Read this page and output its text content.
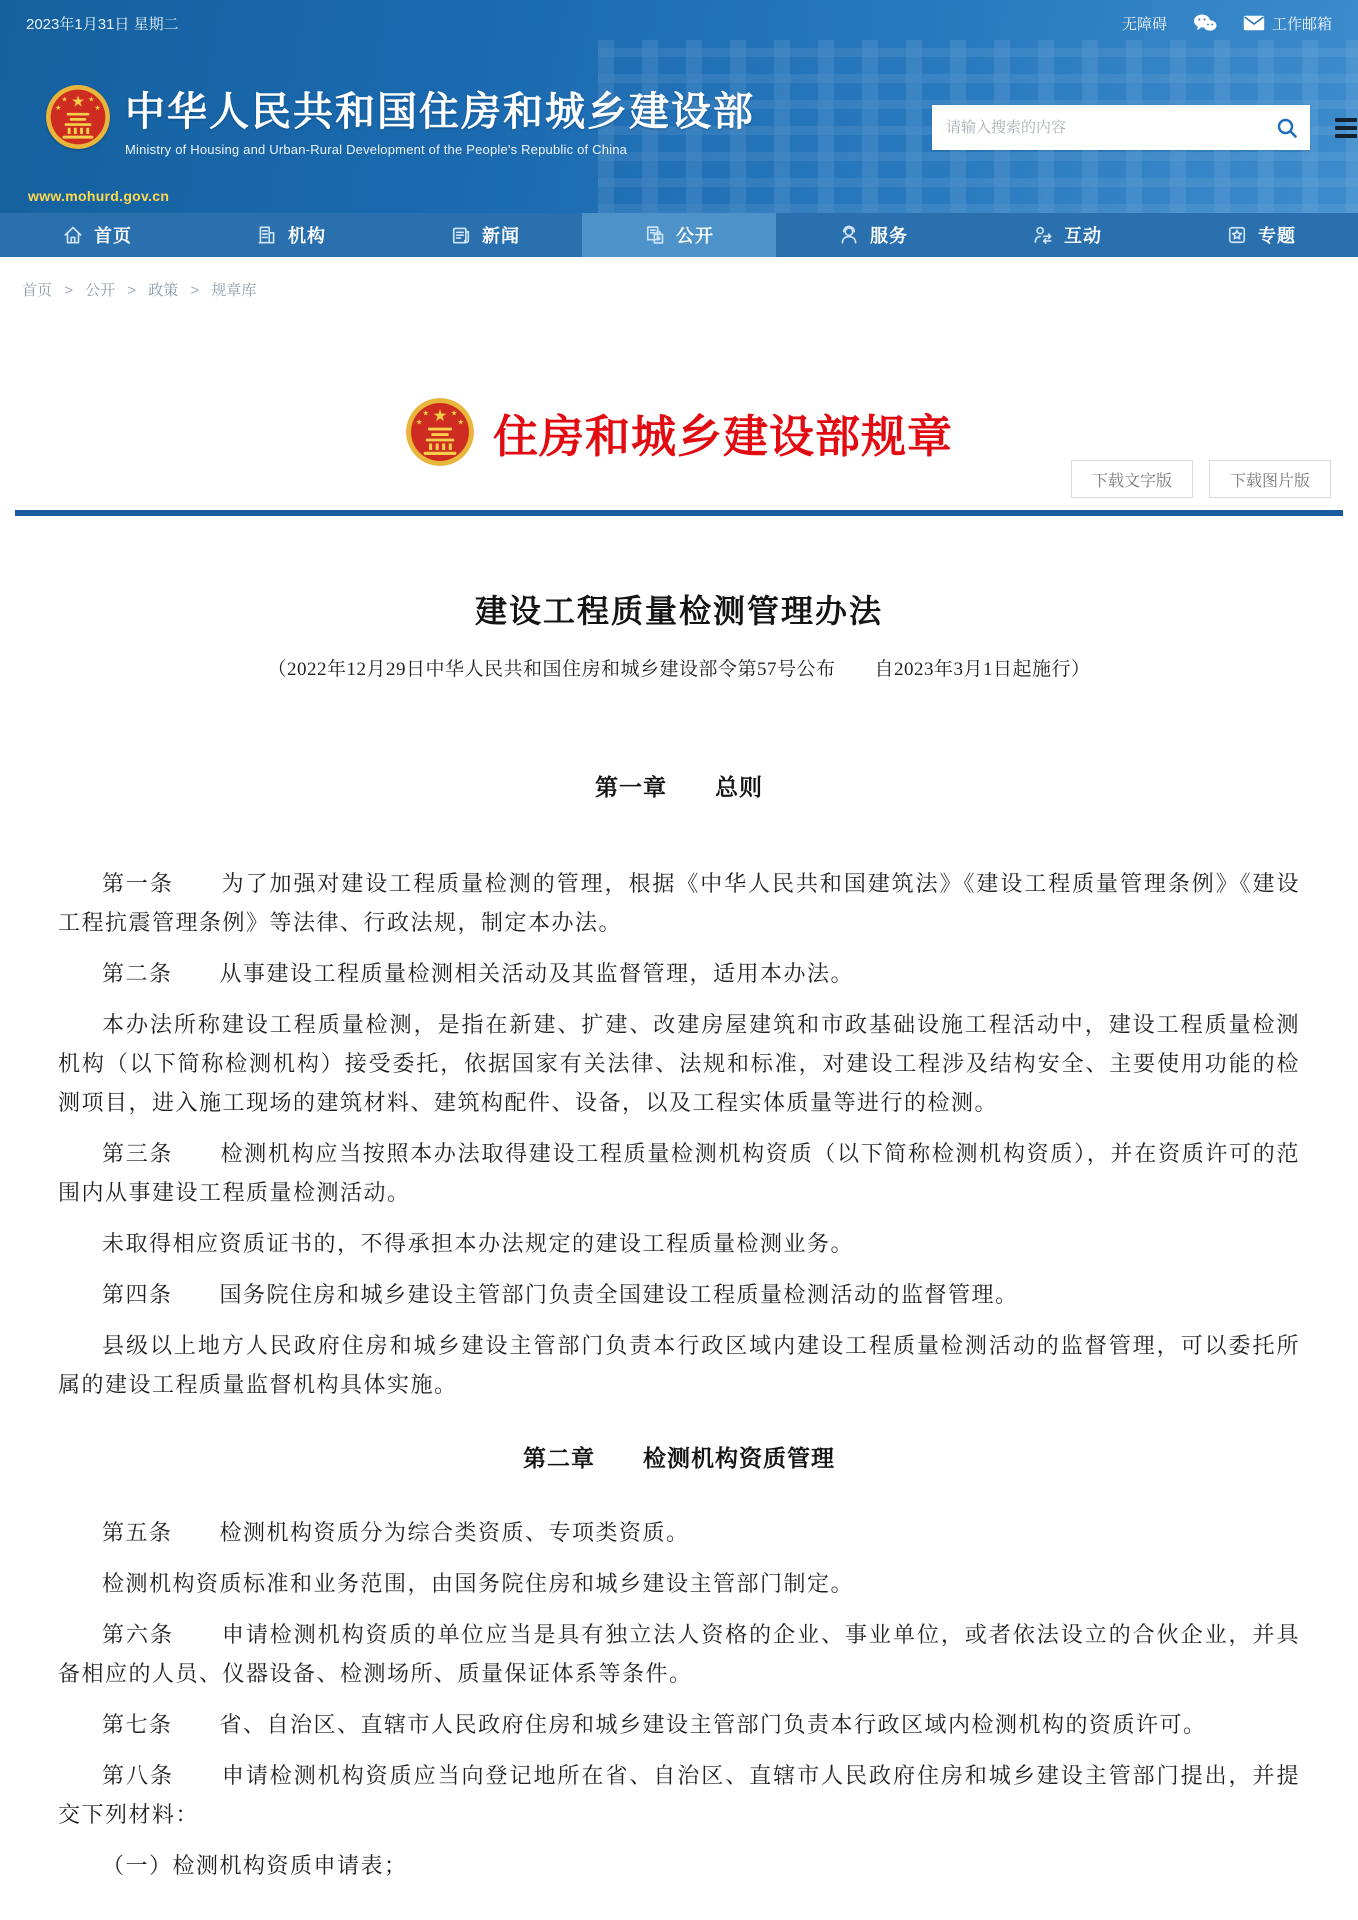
2023年1月31日 星期二	无障碍	工作邮箱
★
★	★
★	★ 中华人民共和国住房和城乡建设部
Ministry of Housing and Urban-Rural Development of the People's Republic of China
www.mohurd.gov.cn
请输入搜索的内容
首页	机构	新闻	公开	服务	互动	专题
首页 > 公开 > 政策 > 规章库
★
★	★
★	★ 住房和城乡建设部规章
下载文字版	下载图片版
建设工程质量检测管理办法
（2022年12月29日中华人民共和国住房和城乡建设部令第57号公布　　自2023年3月1日起施行）
第一章　　总则

第一条　　为了加强对建设工程质量检测的管理，根据《中华人民共和国建筑法》《建设工程质量管理条例》《建设工程抗震管理条例》等法律、行政法规，制定本办法。

第二条　　从事建设工程质量检测相关活动及其监督管理，适用本办法。

本办法所称建设工程质量检测，是指在新建、扩建、改建房屋建筑和市政基础设施工程活动中，建设工程质量检测机构（以下简称检测机构）接受委托，依据国家有关法律、法规和标准，对建设工程涉及结构安全、主要使用功能的检测项目，进入施工现场的建筑材料、建筑构配件、设备，以及工程实体质量等进行的检测。

第三条　　检测机构应当按照本办法取得建设工程质量检测机构资质（以下简称检测机构资质），并在资质许可的范围内从事建设工程质量检测活动。

未取得相应资质证书的，不得承担本办法规定的建设工程质量检测业务。

第四条　　国务院住房和城乡建设主管部门负责全国建设工程质量检测活动的监督管理。

县级以上地方人民政府住房和城乡建设主管部门负责本行政区域内建设工程质量检测活动的监督管理，可以委托所属的建设工程质量监督机构具体实施。

第二章　　检测机构资质管理

第五条　　检测机构资质分为综合类资质、专项类资质。

检测机构资质标准和业务范围，由国务院住房和城乡建设主管部门制定。

第六条　　申请检测机构资质的单位应当是具有独立法人资格的企业、事业单位，或者依法设立的合伙企业，并具备相应的人员、仪器设备、检测场所、质量保证体系等条件。

第七条　　省、自治区、直辖市人民政府住房和城乡建设主管部门负责本行政区域内检测机构的资质许可。

第八条　　申请检测机构资质应当向登记地所在省、自治区、直辖市人民政府住房和城乡建设主管部门提出，并提交下列材料：

（一）检测机构资质申请表；
